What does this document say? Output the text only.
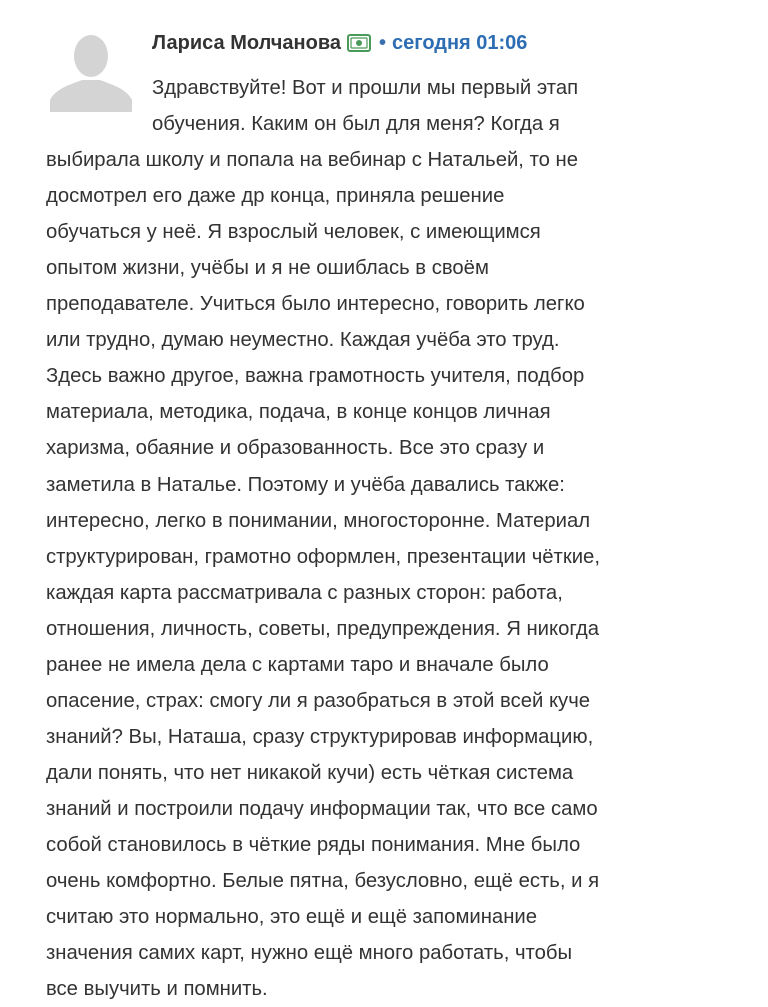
Лариса Молчанова • сегодня 01:06
Здравствуйте! Вот и прошли мы первый этап
обучения. Каким он был для меня? Когда я
выбирала школу и попала на вебинар с Натальей, то не
досмотрел его даже др конца, приняла решение
обучаться у неё. Я взрослый человек, с имеющимся
опытом жизни, учёбы и я не ошиблась в своём
преподавателе. Учиться было интересно, говорить легко
или трудно, думаю неуместно. Каждая учёба это труд.
Здесь важно другое, важна грамотность учителя, подбор
материала, методика, подача, в конце концов личная
харизма, обаяние и образованность. Все это сразу и
заметила в Наталье. Поэтому и учёба давались также:
интересно, легко в понимании, многосторонне. Материал
структурирован, грамотно оформлен, презентации чёткие,
каждая карта рассматривала с разных сторон: работа,
отношения, личность, советы, предупреждения. Я никогда
ранее не имела дела с картами таро и вначале было
опасение, страх: смогу ли я разобраться в этой всей куче
знаний? Вы, Наташа, сразу структурировав информацию,
дали понять, что нет никакой кучи) есть чёткая система
знаний и построили подачу информации так, что все само
собой становилось в чёткие ряды понимания. Мне было
очень комфортно. Белые пятна, безусловно, ещё есть, и я
считаю это нормально, это ещё и ещё запоминание
значения самих карт, нужно ещё много работать, чтобы
все выучить и помнить.
